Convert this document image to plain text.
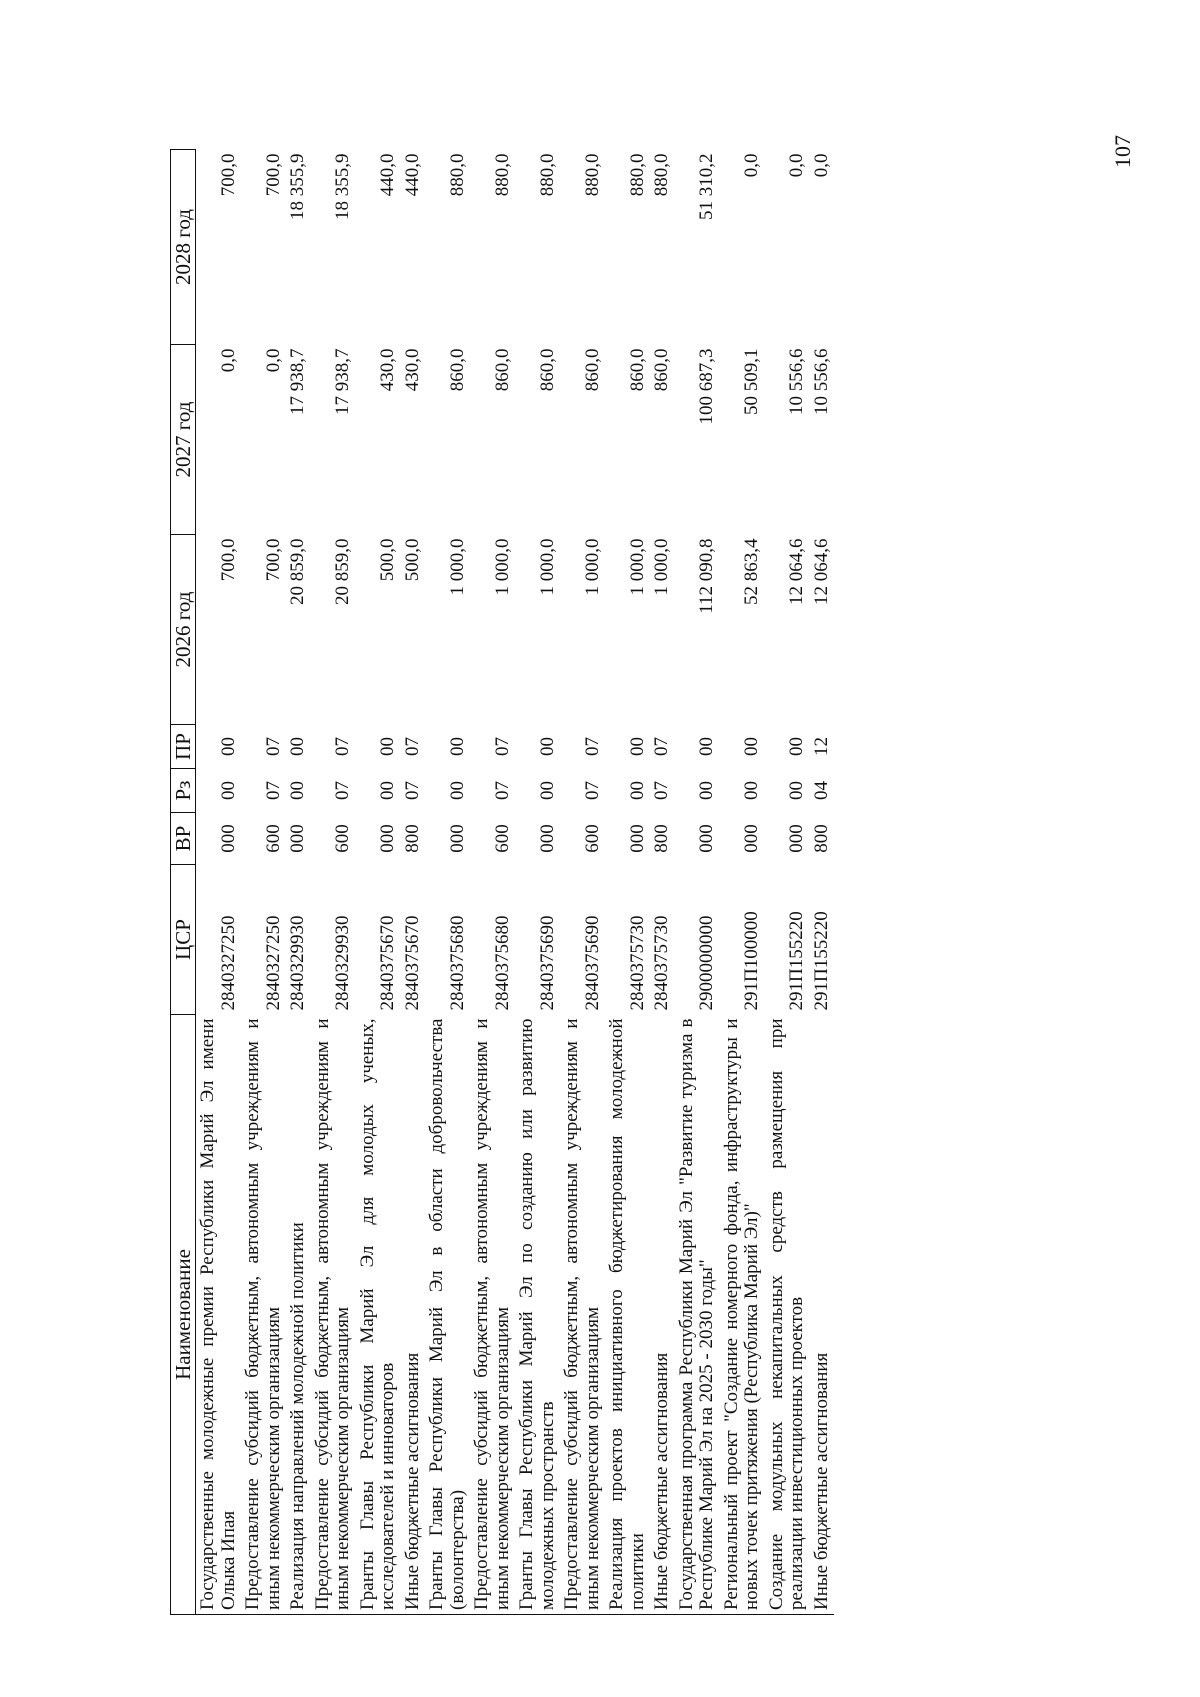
107
Наименование	ЦСР	ВР	Рз	ПР	2026 год	2027 год	2028 год
Государственные молодежные премии Республики Марий Эл имени Олыка Ипая	2840327250	000	00	00	700,0	0,0	700,0
Предоставление субсидий бюджетным, автономным учреждениям и иным некоммерческим организациям	2840327250	600	07	07	700,0	0,0	700,0
Реализация направлений молодежной политики	2840329930	000	00	00	20 859,0	17 938,7	18 355,9
Предоставление субсидий бюджетным, автономным учреждениям и иным некоммерческим организациям	2840329930	600	07	07	20 859,0	17 938,7	18 355,9
Гранты Главы Республики Марий Эл для молодых ученых, исследователей и инноваторов	2840375670	000	00	00	500,0	430,0	440,0
Иные бюджетные ассигнования	2840375670	800	07	07	500,0	430,0	440,0
Гранты Главы Республики Марий Эл в области добровольчества (волонтерства)	2840375680	000	00	00	1 000,0	860,0	880,0
Предоставление субсидий бюджетным, автономным учреждениям и иным некоммерческим организациям	2840375680	600	07	07	1 000,0	860,0	880,0
Гранты Главы Республики Марий Эл по созданию или развитию молодежных пространств	2840375690	000	00	00	1 000,0	860,0	880,0
Предоставление субсидий бюджетным, автономным учреждениям и иным некоммерческим организациям	2840375690	600	07	07	1 000,0	860,0	880,0
Реализация проектов инициативного бюджетирования молодежной политики	2840375730	000	00	00	1 000,0	860,0	880,0
Иные бюджетные ассигнования	2840375730	800	07	07	1 000,0	860,0	880,0
Государственная программа Республики Марий Эл "Развитие туризма в Республике Марий Эл на 2025 - 2030 годы"	2900000000	000	00	00	112 090,8	100 687,3	51 310,2
Региональный проект "Создание номерного фонда, инфраструктуры и новых точек притяжения (Республика Марий Эл)"	291П100000	000	00	00	52 863,4	50 509,1	0,0
Создание модульных некапитальных средств размещения при реализации инвестиционных проектов	291П155220	000	00	00	12 064,6	10 556,6	0,0
Иные бюджетные ассигнования	291П155220	800	04	12	12 064,6	10 556,6	0,0
